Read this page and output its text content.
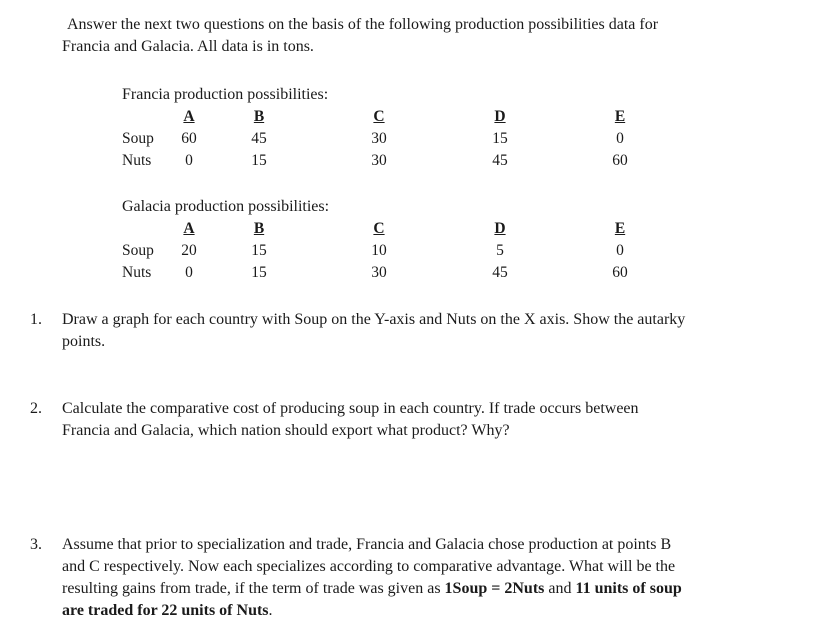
Answer the next two questions on the basis of the following production possibilities data for
Francia and Galacia. All data is in tons.
Francia production possibilities:
	A	B	C	D	E
Soup	60	45	30	15	0
Nuts	0	15	30	45	60
Galacia production possibilities:
	A	B	C	D	E
Soup	20	15	10	5	0
Nuts	0	15	30	45	60
1.	Draw a graph for each country with Soup on the Y-axis and Nuts on the X axis. Show the autarky
points.
2.	Calculate the comparative cost of producing soup in each country. If trade occurs between
Francia and Galacia, which nation should export what product? Why?
3.	Assume that prior to specialization and trade, Francia and Galacia chose production at points B
and C respectively. Now each specializes according to comparative advantage. What will be the
resulting gains from trade, if the term of trade was given as 1Soup = 2Nuts and 11 units of soup
are traded for 22 units of Nuts.
